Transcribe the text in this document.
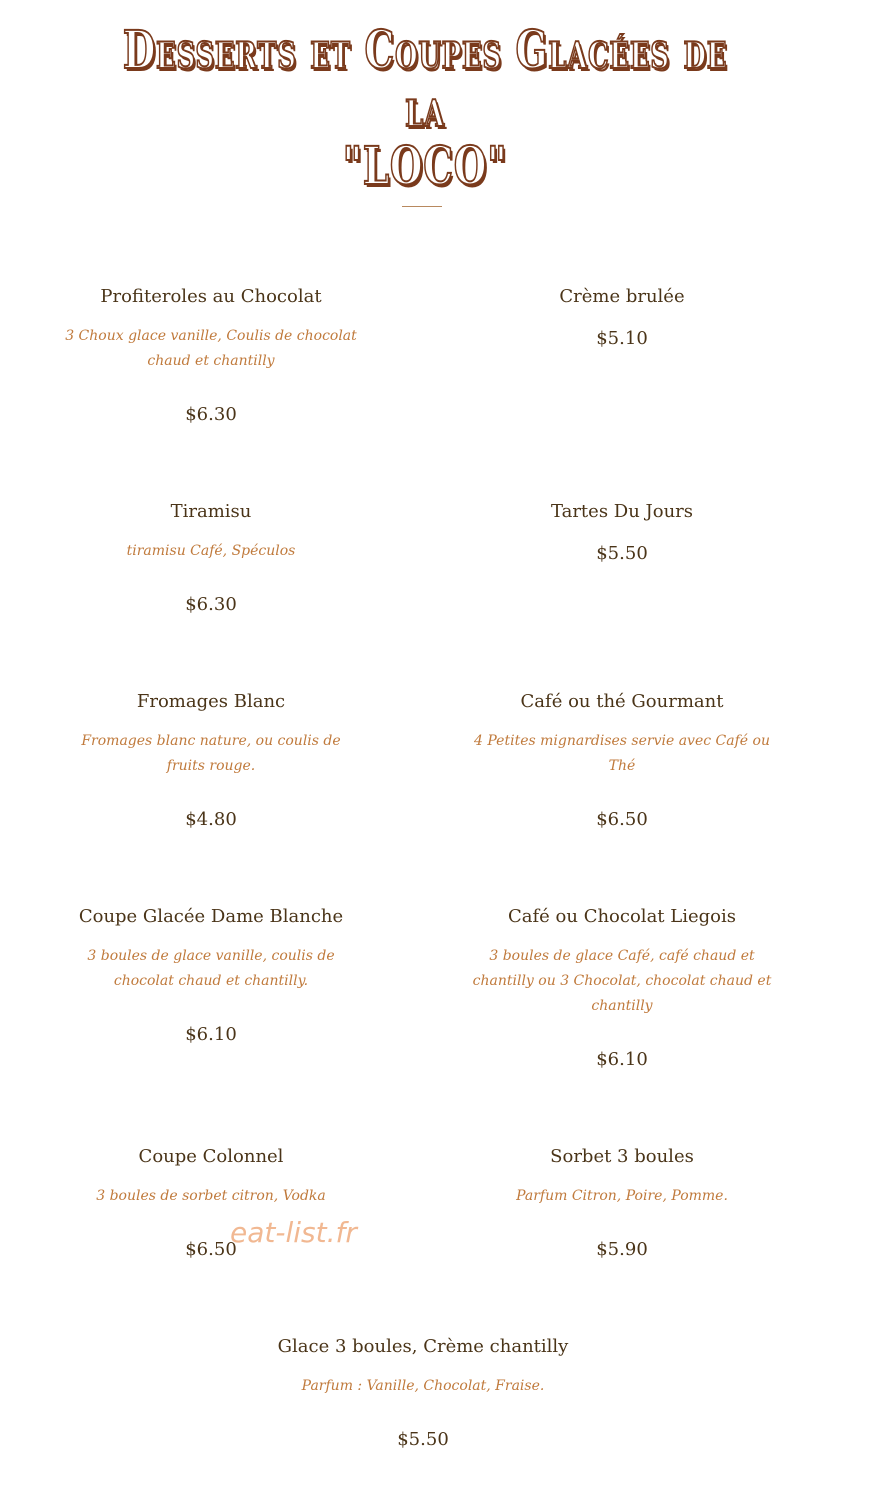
Desserts et Coupes Glacées de la
"LOCO"
Profiteroles au Chocolat
3 Choux glace vanille, Coulis de chocolat chaud et chantilly
$6.30
Crème brulée
$5.10
Tiramisu
tiramisu Café, Spéculos
$6.30
Tartes Du Jours
$5.50
Fromages Blanc
Fromages blanc nature, ou coulis de fruits rouge.
$4.80
Café ou thé Gourmant
4 Petites mignardises servie avec Café ou Thé
$6.50
Coupe Glacée Dame Blanche
3 boules de glace vanille, coulis de chocolat chaud et chantilly.
$6.10
Café ou Chocolat Liegois
3 boules de glace Café, café chaud et chantilly ou 3 Chocolat, chocolat chaud et chantilly
$6.10
Coupe Colonnel
3 boules de sorbet citron, Vodka
$6.50
Sorbet 3 boules
Parfum Citron, Poire, Pomme.
$5.90
Glace 3 boules, Crème chantilly
Parfum : Vanille, Chocolat, Fraise.
$5.50
eat-list.fr
